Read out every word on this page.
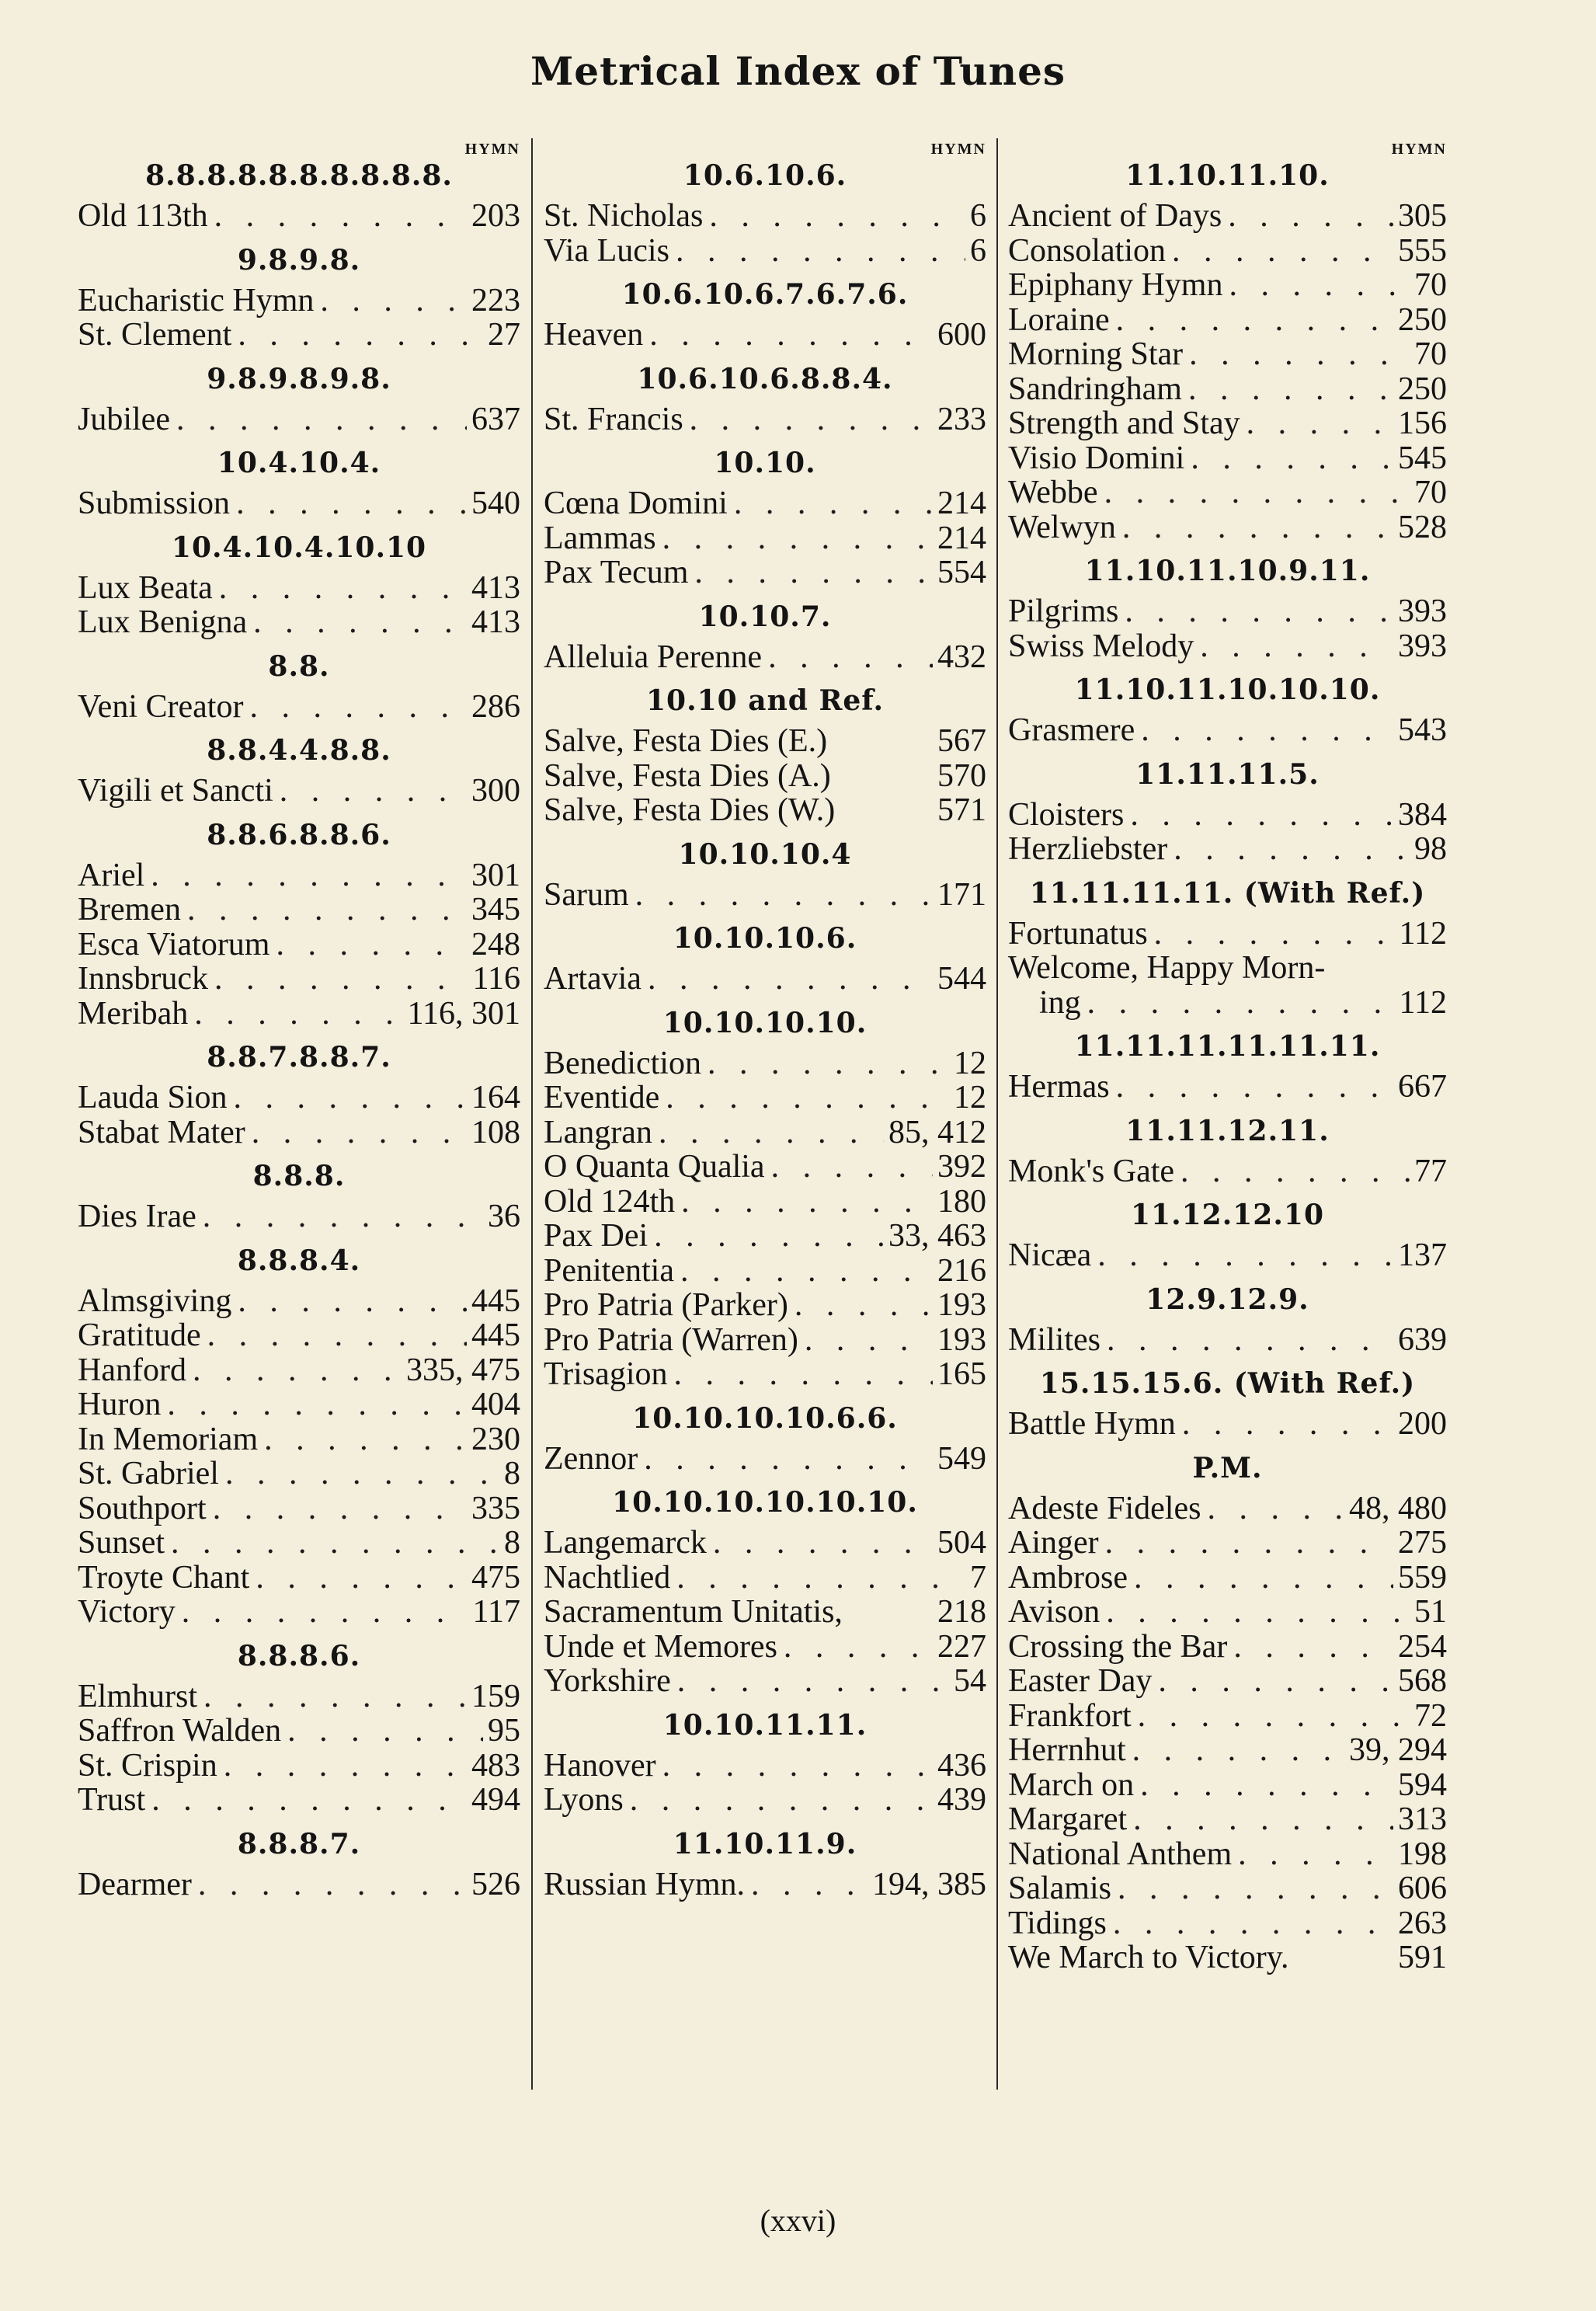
Metrical Index of Tunes
HYMN
8.8.8.8.8.8.8.8.8.8.
Old 113th . . .	203
9.8.9.8.
Eucharistic Hymn . . .	223
St. Clement . . .	27
9.8.9.8.9.8.
Jubilee . . .	637
10.4.10.4.
Submission . . .	540
10.4.10.4.10.10
Lux Beata . . .	413
Lux Benigna . . .	413
8.8.
Veni Creator . . .	286
8.8.4.4.8.8.
Vigili et Sancti . . .	300
8.8.6.8.8.6.
Ariel . . .	301
Bremen . . .	345
Esca Viatorum . . .	248
Innsbruck . . .	116
Meribah . . .	116, 301
8.8.7.8.8.7.
Lauda Sion . . .	164
Stabat Mater . . .	108
8.8.8.
Dies Irae . . .	36
8.8.8.4.
Almsgiving . . .	445
Gratitude . . .	445
Hanford . . .	335, 475
Huron . . .	404
In Memoriam . . .	230
St. Gabriel . . .	8
Southport . . .	335
Sunset . . .	8
Troyte Chant . . .	475
Victory . . .	117
8.8.8.6.
Elmhurst . . .	159
Saffron Walden . . .	95
St. Crispin . . .	483
Trust . . .	494
8.8.8.7.
Dearmer . . .	526
HYMN
10.6.10.6.
St. Nicholas . . .	6
Via Lucis . . .	6
10.6.10.6.7.6.7.6.
Heaven . . .	600
10.6.10.6.8.8.4.
St. Francis . . .	233
10.10.
Cœna Domini . . .	214
Lammas . . .	214
Pax Tecum . . .	554
10.10.7.
Alleluia Perenne . . .	432
10.10 and Ref.
Salve, Festa Dies (E.)	567
Salve, Festa Dies (A.)	570
Salve, Festa Dies (W.)	571
10.10.10.4
Sarum . . .	171
10.10.10.6.
Artavia . . .	544
10.10.10.10.
Benediction . . .	12
Eventide . . .	12
Langran . . .	85, 412
O Quanta Qualia . . .	392
Old 124th . . .	180
Pax Dei . . .	33, 463
Penitentia . . .	216
Pro Patria (Parker) . . .	193
Pro Patria (Warren) . . .	193
Trisagion . . .	165
10.10.10.10.6.6.
Zennor . . .	549
10.10.10.10.10.10.
Langemarck . . .	504
Nachtlied . . .	7
Sacramentum Unitatis,	218
Unde et Memores . . .	227
Yorkshire . . .	54
10.10.11.11.
Hanover . . .	436
Lyons . . .	439
11.10.11.9.
Russian Hymn. . . .	194, 385
HYMN
11.10.11.10.
Ancient of Days . . .	305
Consolation . . .	555
Epiphany Hymn . . .	70
Loraine . . .	250
Morning Star . . .	70
Sandringham . . .	250
Strength and Stay . . .	156
Visio Domini . . .	545
Webbe . . .	70
Welwyn . . .	528
11.10.11.10.9.11.
Pilgrims . . .	393
Swiss Melody . . .	393
11.10.11.10.10.10.
Grasmere . . .	543
11.11.11.5.
Cloisters . . .	384
Herzliebster . . .	98
11.11.11.11. (With Ref.)
Fortunatus . . .	112
Welcome, Happy Morn-
ing . . .	112
11.11.11.11.11.11.
Hermas . . .	667
11.11.12.11.
Monk's Gate . . .	77
11.12.12.10
Nicæa . . .	137
12.9.12.9.
Milites . . .	639
15.15.15.6. (With Ref.)
Battle Hymn . . .	200
P.M.
Adeste Fideles . . .	48, 480
Ainger . . .	275
Ambrose . . .	559
Avison . . .	51
Crossing the Bar . . .	254
Easter Day . . .	568
Frankfort . . .	72
Herrnhut . . .	39, 294
March on . . .	594
Margaret . . .	313
National Anthem . . .	198
Salamis . . .	606
Tidings . . .	263
We March to Victory.	591
(xxvi)
